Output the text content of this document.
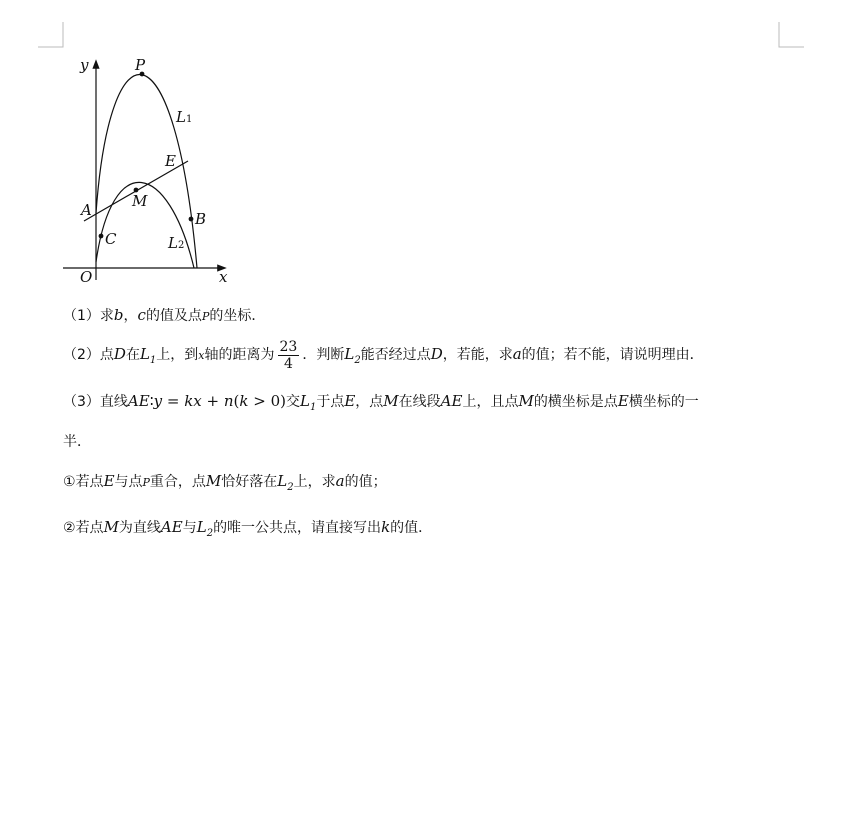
y	P
L1
E
A	M
B
C	L2
O	x
（1）求b，c的值及点P的坐标．
（2）点D在$L_1$上，到x轴的距离为 $\frac{23}{4}$ ．判断$L_2$能否经过点D，若能，求a的值；若不能，请说明理由．
（3）直线AE∶y = kx + n(k > 0)交$L_1$于点E，点M在线段AE上，且点M的横坐标是点E横坐标的一
半．
①若点E与点P重合，点M恰好落在$L_2$上，求a的值；
②若点M为直线AE与$L_2$的唯一公共点，请直接写出k的值．
